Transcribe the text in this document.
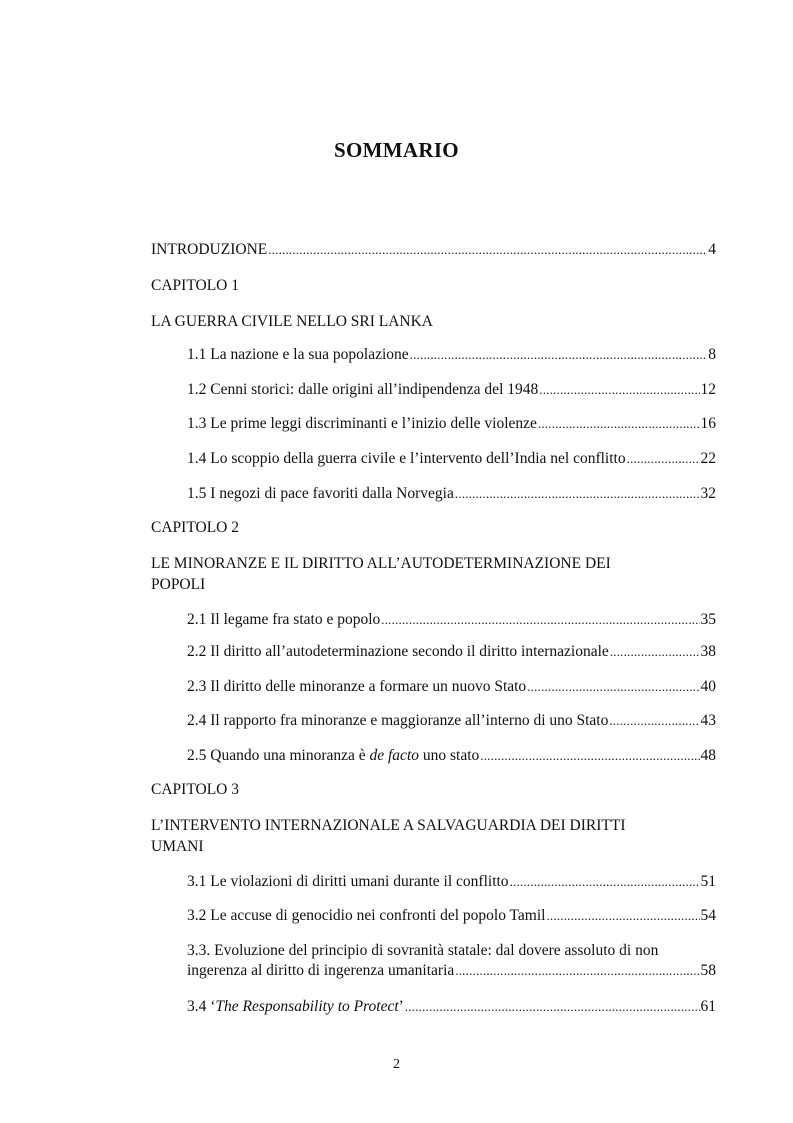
SOMMARIO
INTRODUZIONE .....	4
CAPITOLO 1
LA GUERRA CIVILE NELLO SRI LANKA
1.1 La nazione e la sua popolazione .....	8
1.2 Cenni storici: dalle origini all’indipendenza del 1948 .....	12
1.3 Le prime leggi discriminanti e l’inizio delle violenze .....	16
1.4 Lo scoppio della guerra civile e l’intervento dell’India nel conflitto .....	22
1.5 I negozi di pace favoriti dalla Norvegia .....	32
CAPITOLO 2
LE MINORANZE E IL DIRITTO ALL’AUTODETERMINAZIONE DEI POPOLI
2.1 Il legame fra stato e popolo .....	35
2.2 Il diritto all’autodeterminazione secondo il diritto internazionale .....	38
2.3 Il diritto delle minoranze a formare un nuovo Stato .....	40
2.4 Il rapporto fra minoranze e maggioranze all’interno di uno Stato .....	43
2.5 Quando una minoranza è de facto uno stato .....	48
CAPITOLO 3
L’INTERVENTO INTERNAZIONALE A SALVAGUARDIA DEI DIRITTI UMANI
3.1 Le violazioni di diritti umani durante il conflitto .....	51
3.2 Le accuse di genocidio nei confronti del popolo Tamil .....	54
3.3. Evoluzione del principio di sovranità statale: dal dovere assoluto di non
ingerenza al diritto di ingerenza umanitaria .....	58
3.4 ‘The Responsability to Protect’ .....	61
2
